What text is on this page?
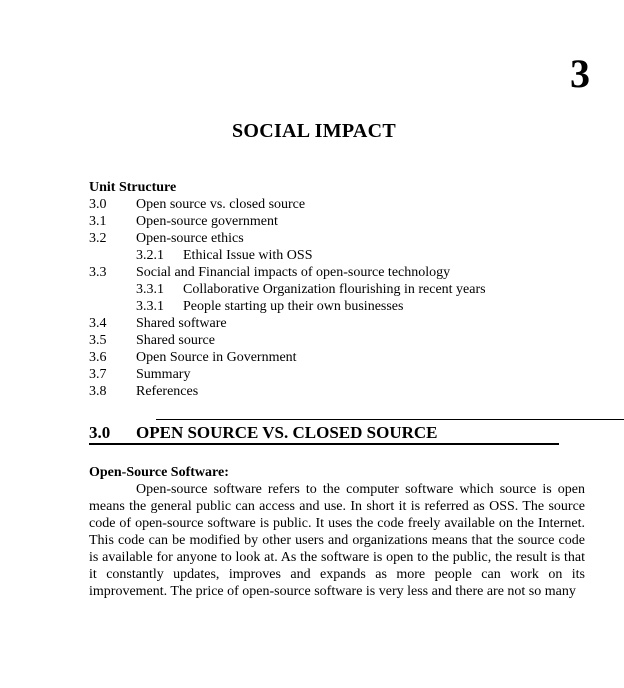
3
SOCIAL IMPACT
Unit Structure
3.0 Open source vs. closed source
3.1 Open-source government
3.2 Open-source ethics
3.2.1 Ethical Issue with OSS
3.3 Social and Financial impacts of open-source technology
3.3.1 Collaborative Organization flourishing in recent years
3.3.1 People starting up their own businesses
3.4 Shared software
3.5 Shared source
3.6 Open Source in Government
3.7 Summary
3.8 References
3.0 OPEN SOURCE VS. CLOSED SOURCE
Open-Source Software:
Open-source software refers to the computer software which source is open means the general public can access and use. In short it is referred as OSS. The source code of open-source software is public. It uses the code freely available on the Internet. This code can be modified by other users and organizations means that the source code is available for anyone to look at. As the software is open to the public, the result is that it constantly updates, improves and expands as more people can work on its improvement. The price of open-source software is very less and there are not so many
